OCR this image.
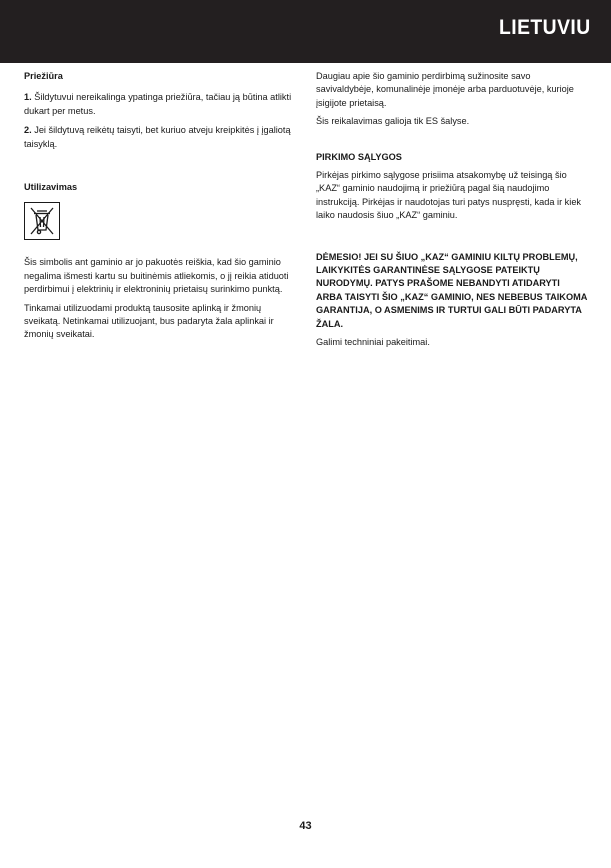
LIETUVIU

Priežiūra

1. Šildytuvui nereikalinga ypatinga priežiūra, tačiau ją būtina atlikti dukart per metus.

2. Jei šildytuvą reikėtų taisyti, bet kuriuo atveju kreipkitės į įgaliotą taisyklą.

Utilizavimas

Šis simbolis ant gaminio ar jo pakuotės reiškia, kad šio gaminio negalima išmesti kartu su buitinėmis atliekomis, o jį reikia atiduoti perdirbimui į elektrinių ir elektroninių prietaisų surinkimo punktą.

Tinkamai utilizuodami produktą tausosite aplinką ir žmonių sveikatą. Netinkamai utilizuojant, bus padaryta žala aplinkai ir žmonių sveikatai.

Daugiau apie šio gaminio perdirbimą sužinosite savo savivaldybėje, komunalinėje įmonėje arba parduotuvėje, kurioje įsigijote prietaisą.

Šis reikalavimas galioja tik ES šalyse.

PIRKIMO SĄLYGOS

Pirkėjas pirkimo sąlygose prisiima atsakomybę už teisingą šio „KAZ“ gaminio naudojimą ir priežiūrą pagal šią naudojimo instrukciją. Pirkėjas ir naudotojas turi patys nuspręsti, kada ir kiek laiko naudosis šiuo „KAZ“ gaminiu.

DĖMESIO! JEI SU ŠIUO „KAZ“ GAMINIU KILTŲ PROBLEMŲ, LAIKYKITĖS GARANTINĖSE SĄLYGOSE PATEIKTŲ NURODYMŲ. PATYS PRAŠOME NEBANDYTI ATIDARYTI ARBA TAISYTI ŠIO „KAZ“ GAMINIO, NES NEBEBUS TAIKOMA GARANTIJA, O ASMENIMS IR TURTUI GALI BŪTI PADARYTA ŽALA.

Galimi techniniai pakeitimai.

43
